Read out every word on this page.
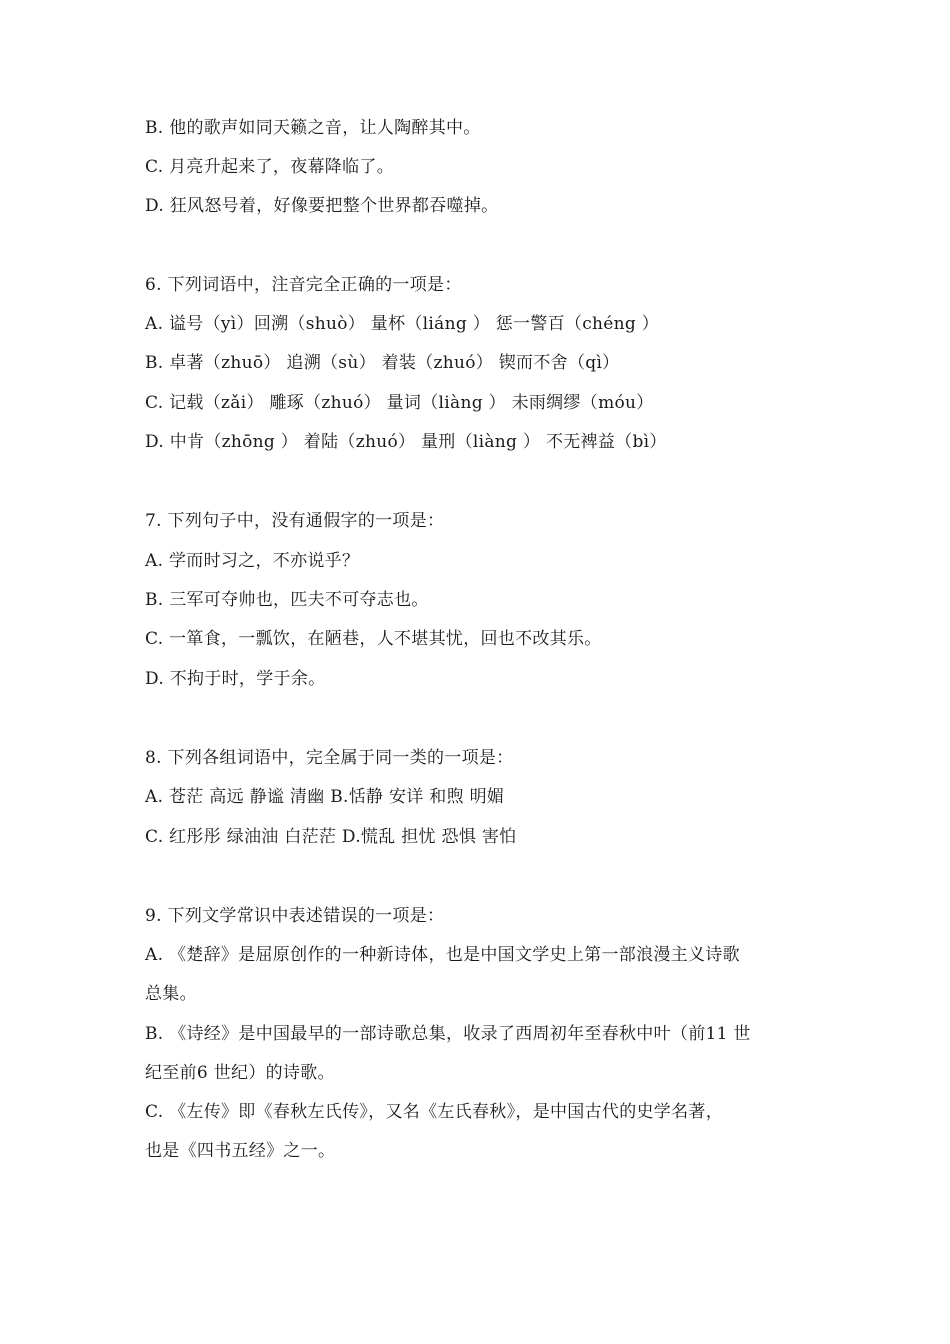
B. 他的歌声如同天籁之音，让人陶醉其中。
C. 月亮升起来了，夜幕降临了。
D. 狂风怒号着，好像要把整个世界都吞噬掉。
6. 下列词语中，注音完全正确的一项是：
A. 谥号（yì）回溯（shuò） 量杯（liáng ） 惩一警百（chéng ）
B. 卓著（zhuō） 追溯（sù） 着装（zhuó） 锲而不舍（qì）
C. 记载（zǎi） 雕琢（zhuó） 量词（liàng ） 未雨绸缪（móu）
D. 中肯（zhōng ） 着陆（zhuó） 量刑（liàng ） 不无裨益（bì）
7. 下列句子中，没有通假字的一项是：
A. 学而时习之，不亦说乎？
B. 三军可夺帅也，匹夫不可夺志也。
C. 一箪食，一瓢饮，在陋巷，人不堪其忧，回也不改其乐。
D. 不拘于时，学于余。
8. 下列各组词语中，完全属于同一类的一项是：
A. 苍茫 高远 静谧 清幽 B.恬静 安详 和煦 明媚
C. 红彤彤 绿油油 白茫茫 D.慌乱 担忧 恐惧 害怕
9. 下列文学常识中表述错误的一项是：
A. 《楚辞》是屈原创作的一种新诗体，也是中国文学史上第一部浪漫主义诗歌
总集。
B. 《诗经》是中国最早的一部诗歌总集，收录了西周初年至春秋中叶（前11 世
纪至前6 世纪）的诗歌。
C. 《左传》即《春秋左氏传》，又名《左氏春秋》，是中国古代的史学名著，
也是《四书五经》之一。
